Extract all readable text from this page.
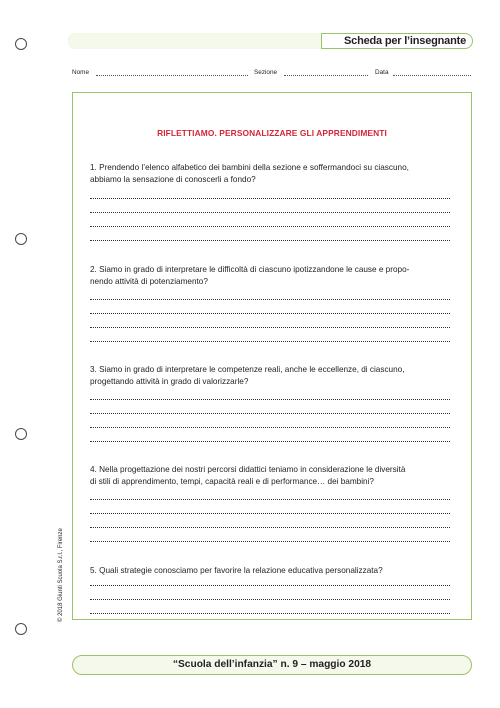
Scheda per l’insegnante
Nome	Sezione	Data
RIFLETTIAMO. PERSONALIZZARE GLI APPRENDIMENTI
1. Prendendo l’elenco alfabetico dei bambini della sezione e soffermandoci su ciascuno,
abbiamo la sensazione di conoscerli a fondo?
2. Siamo in grado di interpretare le difficoltà di ciascuno ipotizzandone le cause e propo-
nendo attività di potenziamento?
3. Siamo in grado di interpretare le competenze reali, anche le eccellenze, di ciascuno,
progettando attività in grado di valorizzarle?
4. Nella progettazione dei nostri percorsi didattici teniamo in considerazione le diversità
di stili di apprendimento, tempi, capacità reali e di performance… dei bambini?
5. Quali strategie conosciamo per favorire la relazione educativa personalizzata?
© 2018 Giunti Scuola S.r.l., Firenze
“Scuola dell’infanzia” n. 9 – maggio 2018
